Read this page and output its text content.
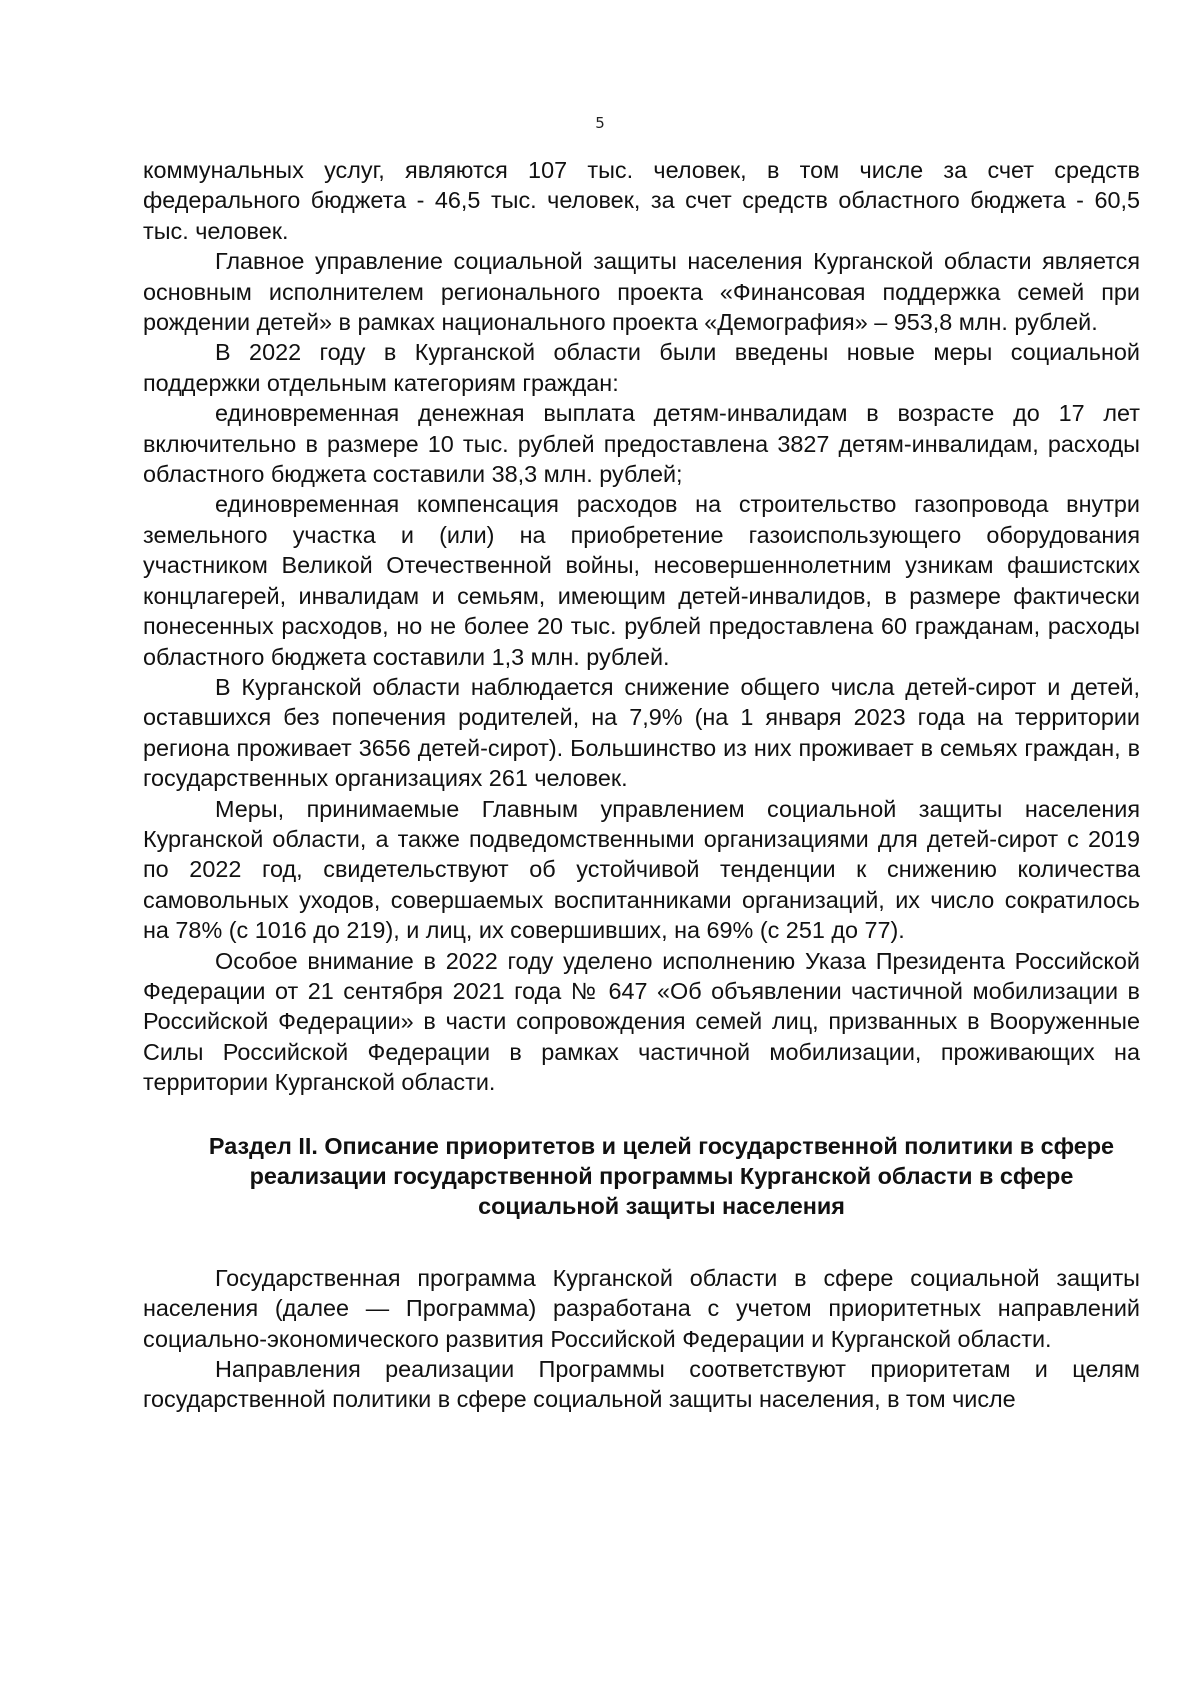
5

коммунальных услуг, являются 107 тыс. человек, в том числе за счет средств федерального бюджета - 46,5 тыс. человек, за счет средств областного бюджета - 60,5 тыс. человек.

Главное управление социальной защиты населения Курганской области является основным исполнителем регионального проекта «Финансовая поддержка семей при рождении детей» в рамках национального проекта «Демография» – 953,8 млн. рублей.

В 2022 году в Курганской области были введены новые меры социальной поддержки отдельным категориям граждан:

единовременная денежная выплата детям-инвалидам в возрасте до 17 лет включительно в размере 10 тыс. рублей предоставлена 3827 детям-инвалидам, расходы областного бюджета составили 38,3 млн. рублей;

единовременная компенсация расходов на строительство газопровода внутри земельного участка и (или) на приобретение газоиспользующего оборудования участником Великой Отечественной войны, несовершеннолетним узникам фашистских концлагерей, инвалидам и семьям, имеющим детей-инвалидов, в размере фактически понесенных расходов, но не более 20 тыс. рублей предоставлена 60 гражданам, расходы областного бюджета составили 1,3 млн. рублей.

В Курганской области наблюдается снижение общего числа детей-сирот и детей, оставшихся без попечения родителей, на 7,9% (на 1 января 2023 года на территории региона проживает 3656 детей-сирот). Большинство из них проживает в семьях граждан, в государственных организациях 261 человек.

Меры, принимаемые Главным управлением социальной защиты населения Курганской области, а также подведомственными организациями для детей-сирот с 2019 по 2022 год, свидетельствуют об устойчивой тенденции к снижению количества самовольных уходов, совершаемых воспитанниками организаций, их число сократилось на 78% (с 1016 до 219), и лиц, их совершивших, на 69% (с 251 до 77).

Особое внимание в 2022 году уделено исполнению Указа Президента Российской Федерации от 21 сентября 2021 года № 647 «Об объявлении частичной мобилизации в Российской Федерации» в части сопровождения семей лиц, призванных в Вооруженные Силы Российской Федерации в рамках частичной мобилизации, проживающих на территории Курганской области.

Раздел II. Описание приоритетов и целей государственной политики в сфере реализации государственной программы Курганской области в сфере социальной защиты населения

Государственная программа Курганской области в сфере социальной защиты населения (далее — Программа) разработана с учетом приоритетных направлений социально-экономического развития Российской Федерации и Курганской области.

Направления реализации Программы соответствуют приоритетам и целям государственной политики в сфере социальной защиты населения, в том числе
